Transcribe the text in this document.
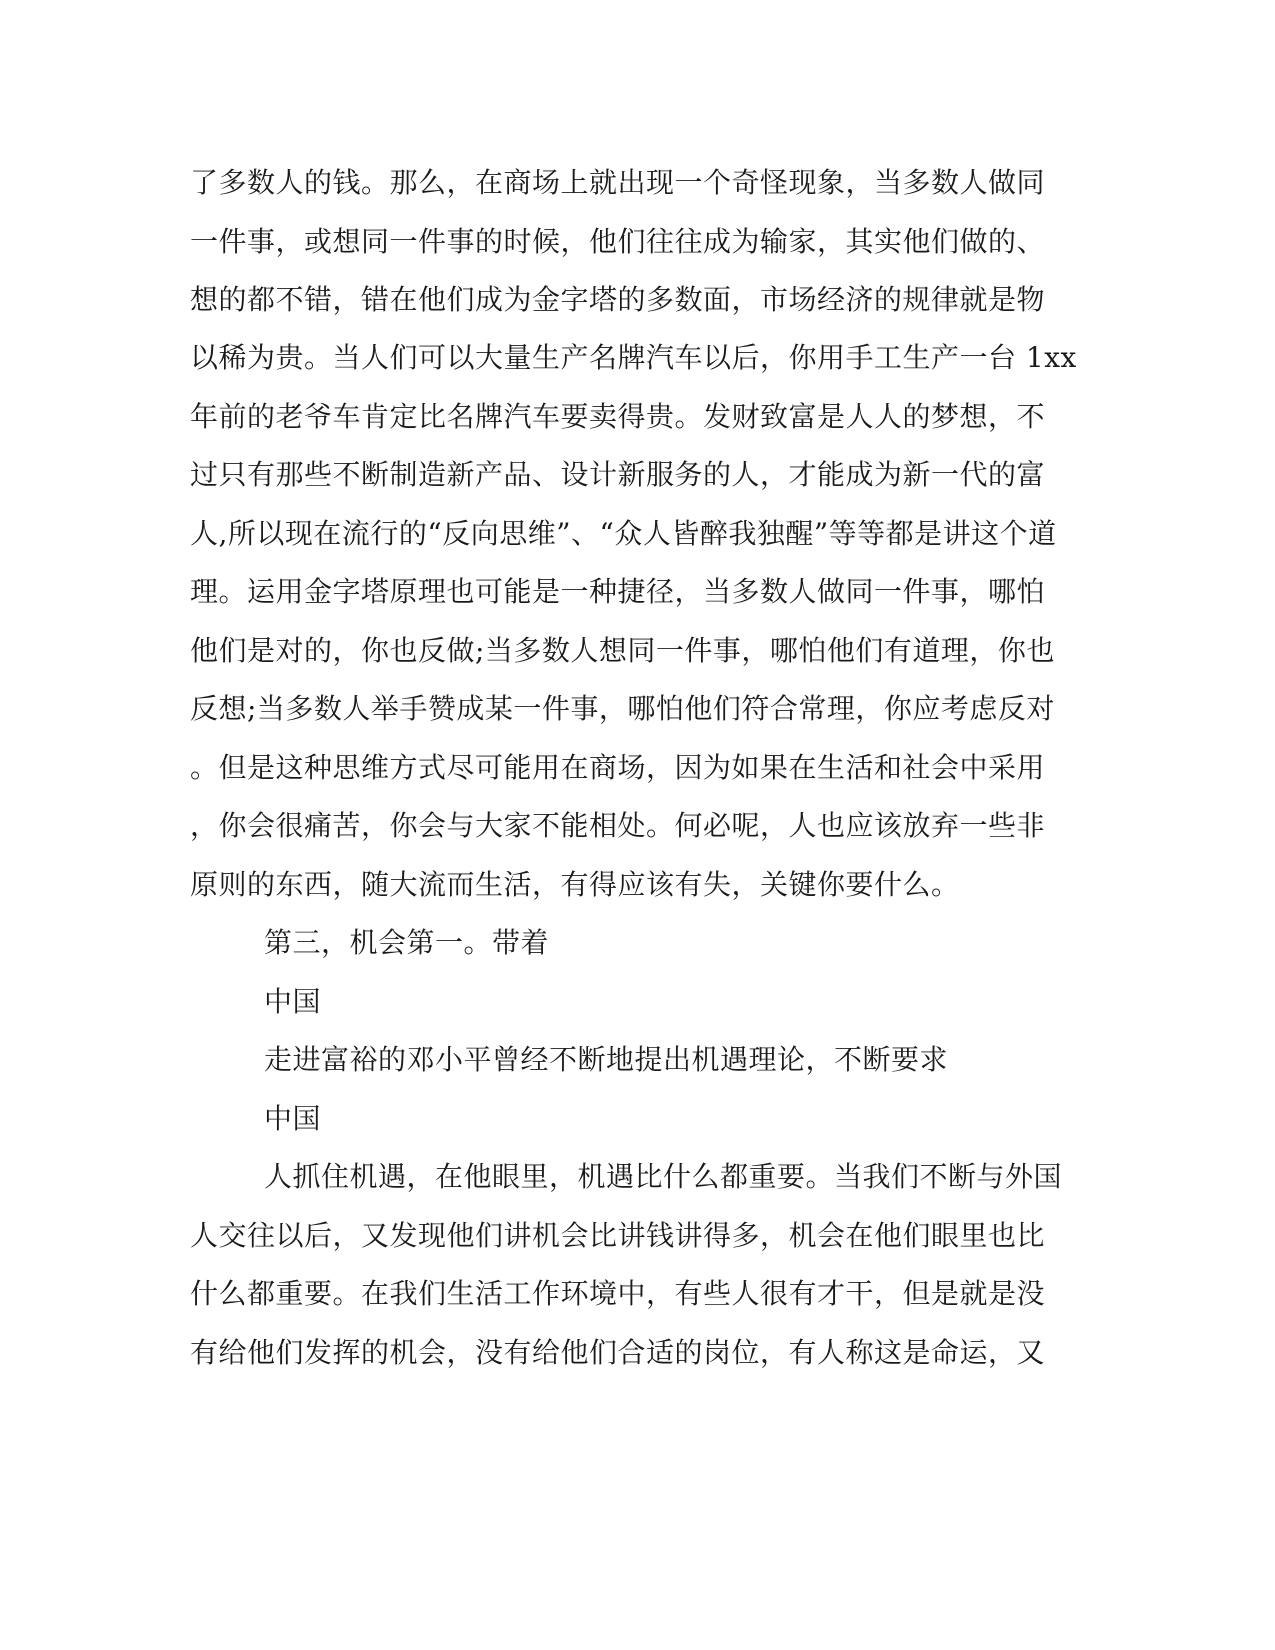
了多数人的钱。那么，在商场上就出现一个奇怪现象，当多数人做同
一件事，或想同一件事的时候，他们往往成为输家，其实他们做的、
想的都不错，错在他们成为金字塔的多数面，市场经济的规律就是物
以稀为贵。当人们可以大量生产名牌汽车以后，你用手工生产一台 1xx
年前的老爷车肯定比名牌汽车要卖得贵。发财致富是人人的梦想，不
过只有那些不断制造新产品、设计新服务的人，才能成为新一代的富
人,所以现在流行的“反向思维”、“众人皆醉我独醒”等等都是讲这个道
理。运用金字塔原理也可能是一种捷径，当多数人做同一件事，哪怕
他们是对的，你也反做;当多数人想同一件事，哪怕他们有道理，你也
反想;当多数人举手赞成某一件事，哪怕他们符合常理，你应考虑反对
。但是这种思维方式尽可能用在商场，因为如果在生活和社会中采用
，你会很痛苦，你会与大家不能相处。何必呢，人也应该放弃一些非
原则的东西，随大流而生活，有得应该有失，关键你要什么。
第三，机会第一。带着
中国
走进富裕的邓小平曾经不断地提出机遇理论，不断要求
中国
人抓住机遇，在他眼里，机遇比什么都重要。当我们不断与外国
人交往以后，又发现他们讲机会比讲钱讲得多，机会在他们眼里也比
什么都重要。在我们生活工作环境中，有些人很有才干，但是就是没
有给他们发挥的机会，没有给他们合适的岗位，有人称这是命运，又
